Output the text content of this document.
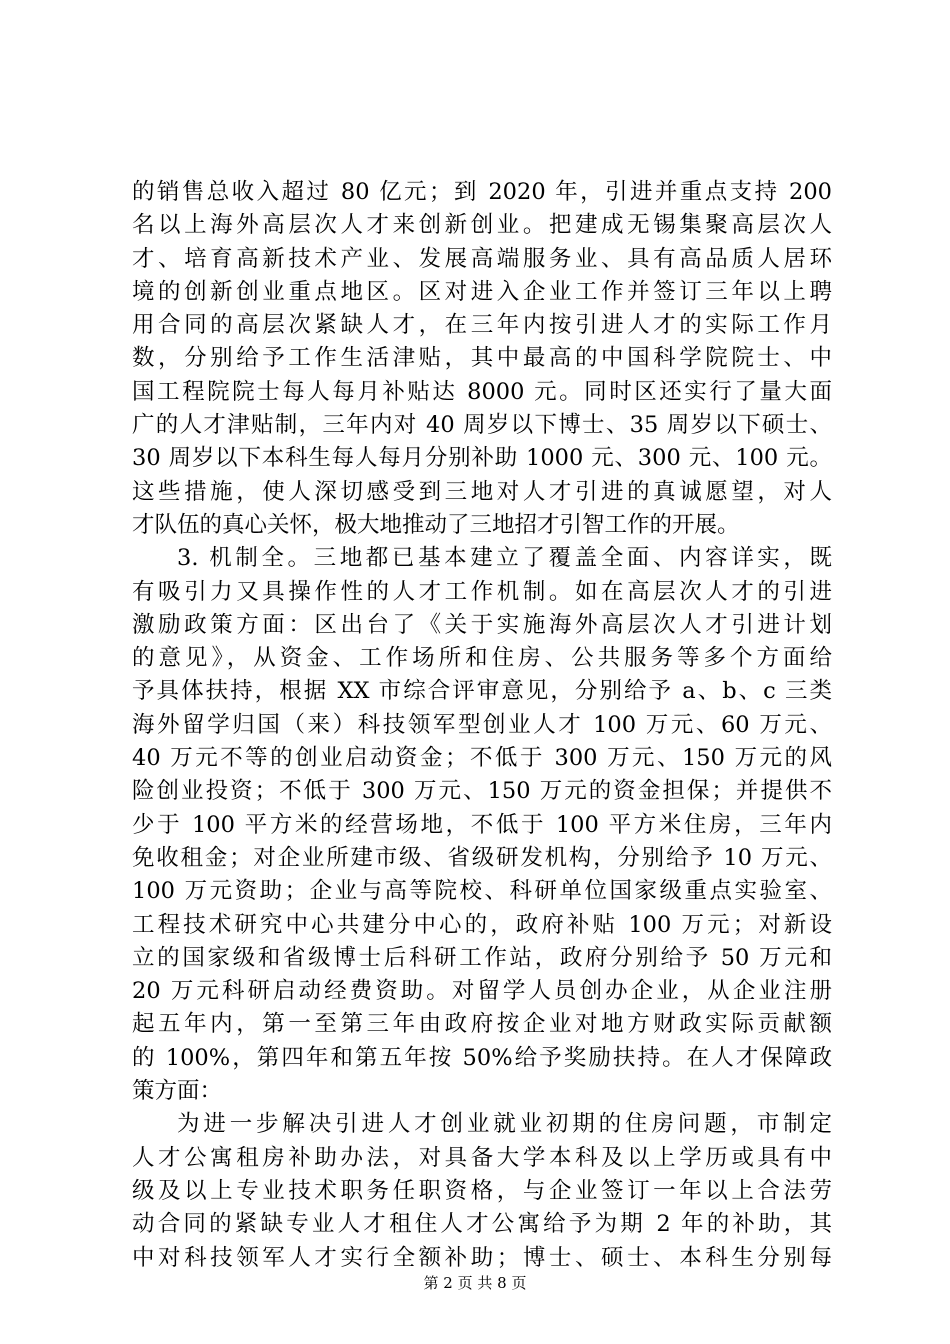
的销售总收入超过 80 亿元；到 2020 年，引进并重点支持 200
名以上海外高层次人才来创新创业。把建成无锡集聚高层次人
才、培育高新技术产业、发展高端服务业、具有高品质人居环
境的创新创业重点地区。区对进入企业工作并签订三年以上聘
用合同的高层次紧缺人才，在三年内按引进人才的实际工作月
数，分别给予工作生活津贴，其中最高的中国科学院院士、中
国工程院院士每人每月补贴达 8000 元。同时区还实行了量大面
广的人才津贴制，三年内对 40 周岁以下博士、35 周岁以下硕士、
30 周岁以下本科生每人每月分别补助 1000 元、300 元、100 元。
这些措施，使人深切感受到三地对人才引进的真诚愿望，对人
才队伍的真心关怀，极大地推动了三地招才引智工作的开展。
3. 机制全。三地都已基本建立了覆盖全面、内容详实，既
有吸引力又具操作性的人才工作机制。如在高层次人才的引进
激励政策方面：区出台了《关于实施海外高层次人才引进计划
的意见》，从资金、工作场所和住房、公共服务等多个方面给
予具体扶持，根据 XX 市综合评审意见，分别给予 a、b、c 三类
海外留学归国（来）科技领军型创业人才 100 万元、60 万元、
40 万元不等的创业启动资金；不低于 300 万元、150 万元的风
险创业投资；不低于 300 万元、150 万元的资金担保；并提供不
少于 100 平方米的经营场地，不低于 100 平方米住房，三年内
免收租金；对企业所建市级、省级研发机构，分别给予 10 万元、
100 万元资助；企业与高等院校、科研单位国家级重点实验室、
工程技术研究中心共建分中心的，政府补贴 100 万元；对新设
立的国家级和省级博士后科研工作站，政府分别给予 50 万元和
20 万元科研启动经费资助。对留学人员创办企业，从企业注册
起五年内，第一至第三年由政府按企业对地方财政实际贡献额
的 100%，第四年和第五年按 50%给予奖励扶持。在人才保障政
策方面：
为进一步解决引进人才创业就业初期的住房问题，市制定
人才公寓租房补助办法，对具备大学本科及以上学历或具有中
级及以上专业技术职务任职资格，与企业签订一年以上合法劳
动合同的紧缺专业人才租住人才公寓给予为期 2 年的补助，其
中对科技领军人才实行全额补助；博士、硕士、本科生分别每
第 2 页 共 8 页
